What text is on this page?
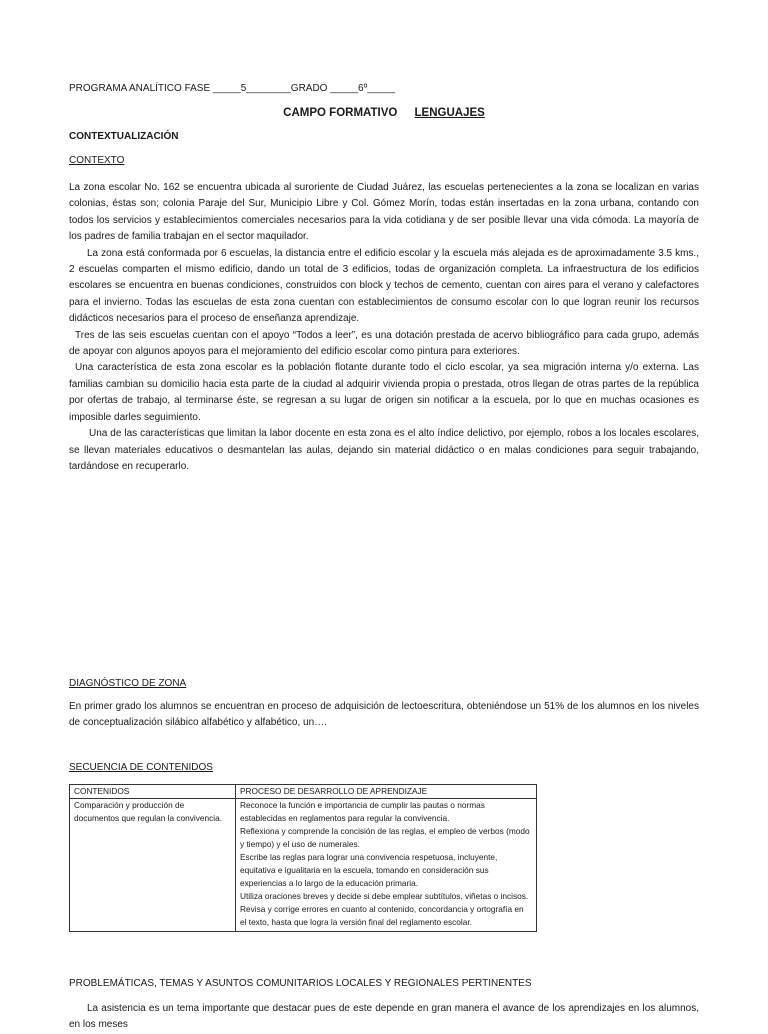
PROGRAMA ANALÍTICO FASE _____5________GRADO _____6º_____
CAMPO FORMATIVO LENGUAJES
CONTEXTUALIZACIÓN
CONTEXTO

La zona escolar No. 162 se encuentra ubicada al suroriente de Ciudad Juárez, las escuelas pertenecientes a la zona se localizan en varias colonias, éstas son; colonia Paraje del Sur, Municipio Libre y Col. Gómez Morín, todas están insertadas en la zona urbana, contando con todos los servicios y establecimientos comerciales necesarios para la vida cotidiana y de ser posible llevar una vida cómoda. La mayoría de los padres de familia trabajan en el sector maquilador.

La zona está conformada por 6 escuelas, la distancia entre el edificio escolar y la escuela más alejada es de aproximadamente 3.5 kms., 2 escuelas comparten el mismo edificio, dando un total de 3 edificios, todas de organización completa. La infraestructura de los edificios escolares se encuentra en buenas condiciones, construidos con block y techos de cemento, cuentan con aires para el verano y calefactores para el invierno. Todas las escuelas de esta zona cuentan con establecimientos de consumo escolar con lo que logran reunir los recursos didácticos necesarios para el proceso de enseñanza aprendizaje.

Tres de las seis escuelas cuentan con el apoyo “Todos a leer”, es una dotación prestada de acervo bibliográfico para cada grupo, además de apoyar con algunos apoyos para el mejoramiento del edificio escolar como pintura para exteriores.

Una característica de esta zona escolar es la población flotante durante todo el ciclo escolar, ya sea migración interna y/o externa. Las familias cambian su domicilio hacia esta parte de la ciudad al adquirir vivienda propia o prestada, otros llegan de otras partes de la república por ofertas de trabajo, al terminarse éste, se regresan a su lugar de origen sin notificar a la escuela, por lo que en muchas ocasiones es imposible darles seguimiento.

Una de las características que limitan la labor docente en esta zona es el alto índice delictivo, por ejemplo, robos a los locales escolares, se llevan materiales educativos o desmantelan las aulas, dejando sin material didáctico o en malas condiciones para seguir trabajando, tardándose en recuperarlo.

DIAGNÓSTICO DE ZONA
En primer grado los alumnos se encuentran en proceso de adquisición de lectoescritura, obteniéndose un 51% de los alumnos en los niveles de conceptualización silábico alfabético y alfabético, un….
SECUENCIA DE CONTENIDOS
CONTENIDOS	PROCESO DE DESARROLLO DE APRENDIZAJE
Comparación y producción de documentos que regulan la convivencia.	Reconoce la función e importancia de cumplir las pautas o normas establecidas en reglamentos para regular la convivencia.
Reflexiona y comprende la concisión de las reglas, el empleo de verbos (modo y tiempo) y el uso de numerales.
Escribe las reglas para lograr una convivencia respetuosa, incluyente, equitativa e igualitaria en la escuela, tomando en consideración sus experiencias a lo largo de la educación primaria.
Utiliza oraciones breves y decide si debe emplear subtítulos, viñetas o incisos.
Revisa y corrige errores en cuanto al contenido, concordancia y ortografía en el texto, hasta que logra la versión final del reglamento escolar.
PROBLEMÁTICAS, TEMAS Y ASUNTOS COMUNITARIOS LOCALES Y REGIONALES PERTINENTES
La asistencia es un tema importante que destacar pues de este depende en gran manera el avance de los aprendizajes en los alumnos, en los meses
